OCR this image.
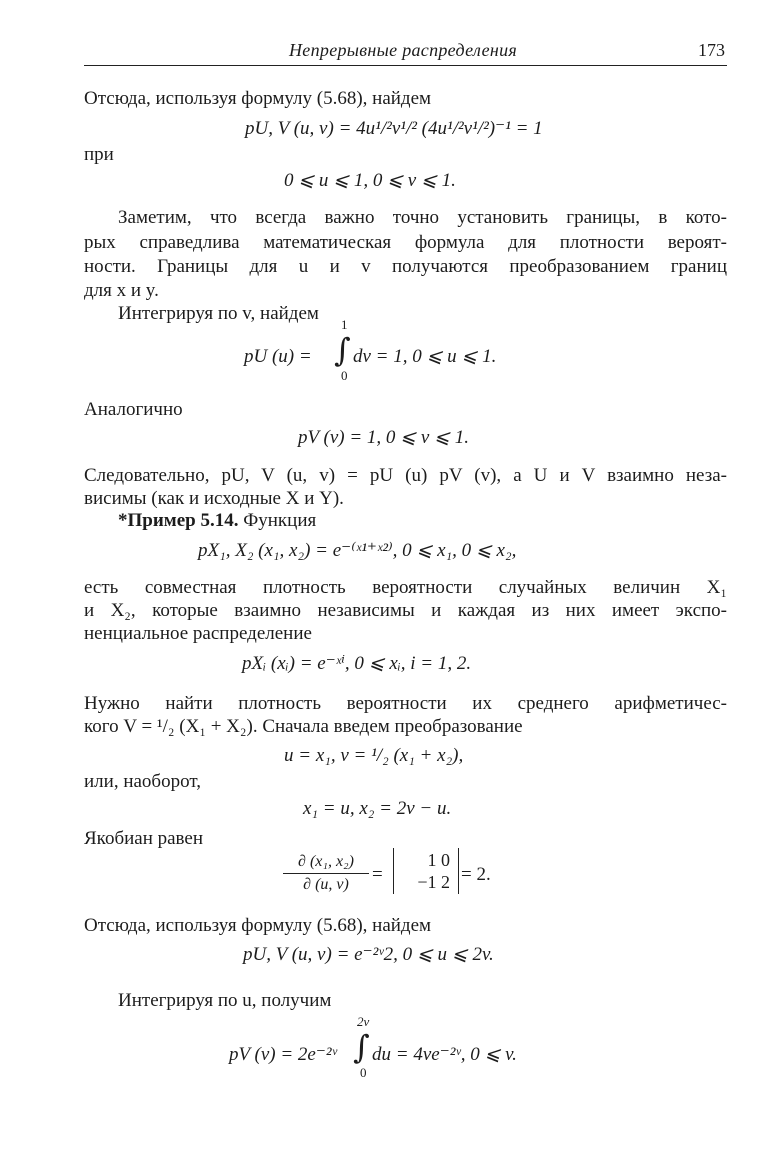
Непрерывные распределения	173
Отсюда, используя формулу (5.68), найдем
pU, V (u, v) = 4u¹/²v¹/² (4u¹/²v¹/²)⁻¹ = 1
при
0 ⩽ u ⩽ 1, 0 ⩽ v ⩽ 1.
Заметим, что всегда важно точно установить границы, в кото-
рых справедлива математическая формула для плотности вероят-
ности. Границы для u и v получаются преобразованием границ
для x и y.
Интегрируя по v, найдем
pU (u) =
1
∫
0
dv = 1, 0 ⩽ u ⩽ 1.
Аналогично
pV (v) = 1, 0 ⩽ v ⩽ 1.
Следовательно, pU, V (u, v) = pU (u) pV (v), а U и V взаимно неза-
висимы (как и исходные X и Y).
*Пример 5.14. Функция
pX₁, X₂ (x₁, x₂) = e⁻⁽ˣ¹⁺ˣ²⁾, 0 ⩽ x₁, 0 ⩽ x₂,
есть совместная плотность вероятности случайных величин X₁
и X₂, которые взаимно независимы и каждая из них имеет экспо-
ненциальное распределение
pXᵢ (xᵢ) = e⁻ˣⁱ, 0 ⩽ xᵢ, i = 1, 2.
Нужно найти плотность вероятности их среднего арифметичес-
кого V = ¹/₂ (X₁ + X₂). Сначала введем преобразование
u = x₁, v = ¹/₂ (x₁ + x₂),
или, наоборот,
x₁ = u, x₂ = 2v − u.
Якобиан равен
∂ (x₁, x₂)
∂ (u, v)	=
1 0
−1 2 = 2.
Отсюда, используя формулу (5.68), найдем
pU, V (u, v) = e⁻²ᵛ2, 0 ⩽ u ⩽ 2v.
Интегрируя по u, получим
pV (v) = 2e⁻²ᵛ
2v
∫
0
du = 4ve⁻²ᵛ, 0 ⩽ v.
